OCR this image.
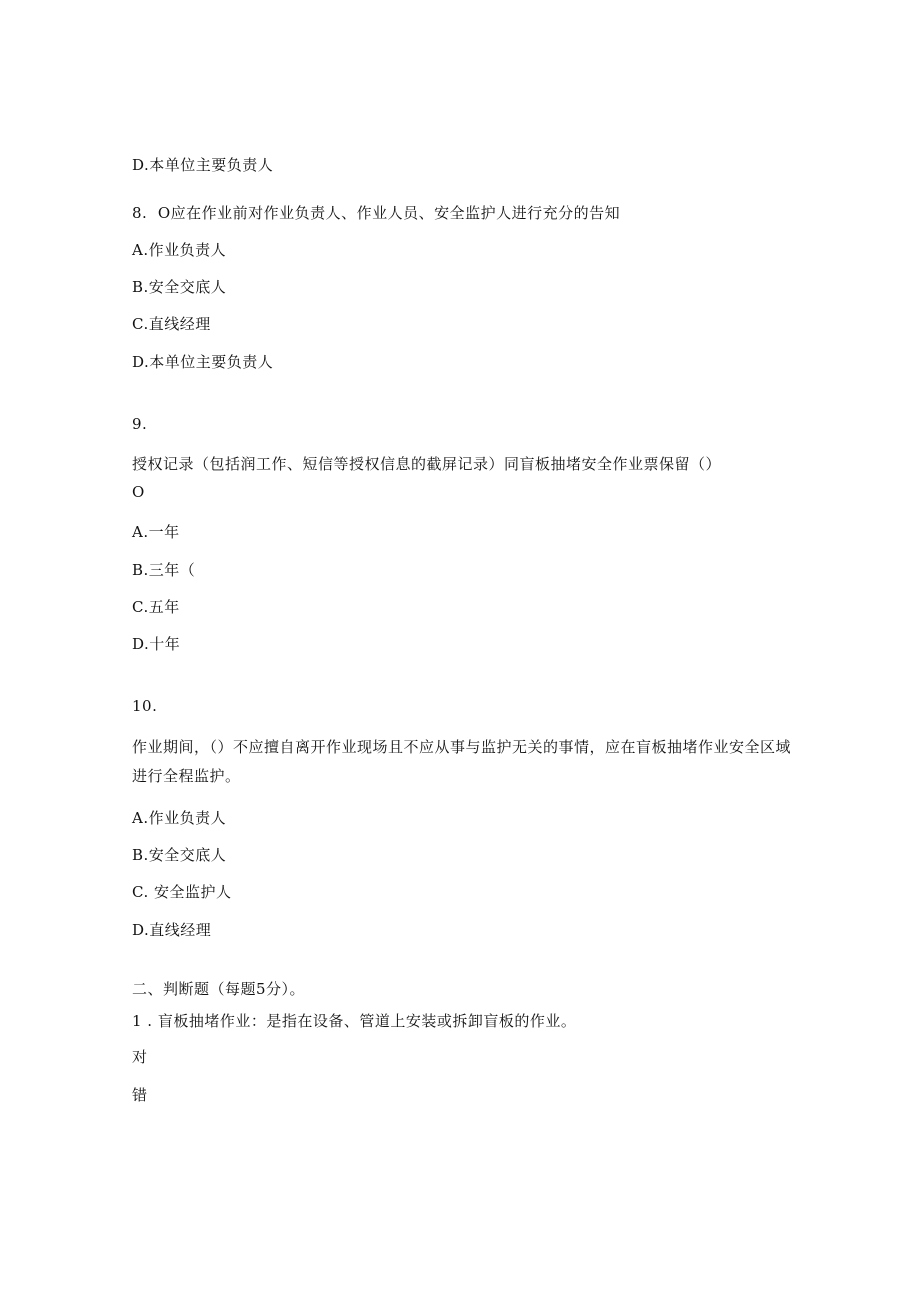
D.本单位主要负责人
8.  O应在作业前对作业负责人、作业人员、安全监护人进行充分的告知
A.作业负责人
B.安全交底人
C.直线经理
D.本单位主要负责人
9.
授权记录（包括润工作、短信等授权信息的截屏记录）同盲板抽堵安全作业票保留（）
O
A.一年
B.三年（
C.五年
D.十年
10.
作业期间，（）不应擅自离开作业现场且不应从事与监护无关的事情，应在盲板抽堵作业安全区域进行全程监护。
A.作业负责人
B.安全交底人
C. 安全监护人
D.直线经理
二、判断题（每题5分）。
1 . 盲板抽堵作业：是指在设备、管道上安装或拆卸盲板的作业。
对
错
